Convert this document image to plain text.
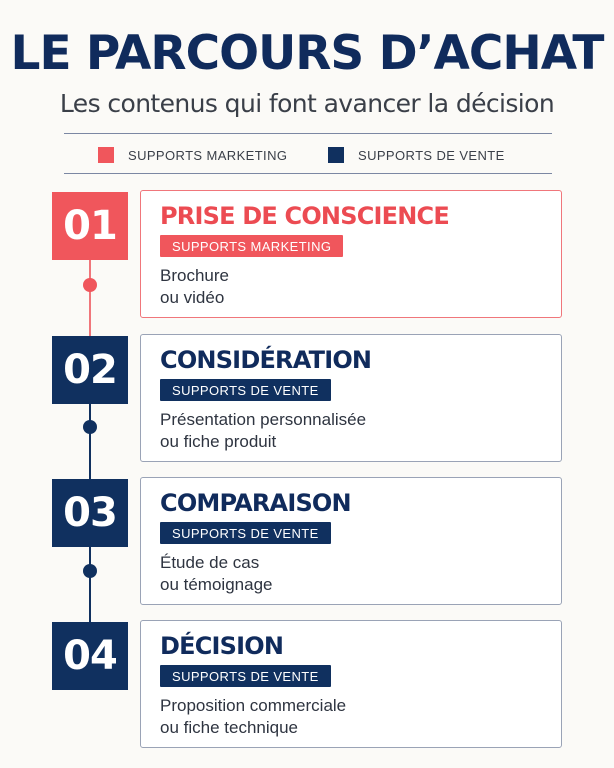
LE PARCOURS D’ACHAT
Les contenus qui font avancer la décision
SUPPORTS MARKETING	SUPPORTS DE VENTE
01	PRISE DE CONSCIENCE
SUPPORTS MARKETING
Brochure
ou vidéo
02	CONSIDÉRATION
SUPPORTS DE VENTE
Présentation personnalisée
ou fiche produit
03	COMPARAISON
SUPPORTS DE VENTE
Étude de cas
ou témoignage
04	DÉCISION
SUPPORTS DE VENTE
Proposition commerciale
ou fiche technique
